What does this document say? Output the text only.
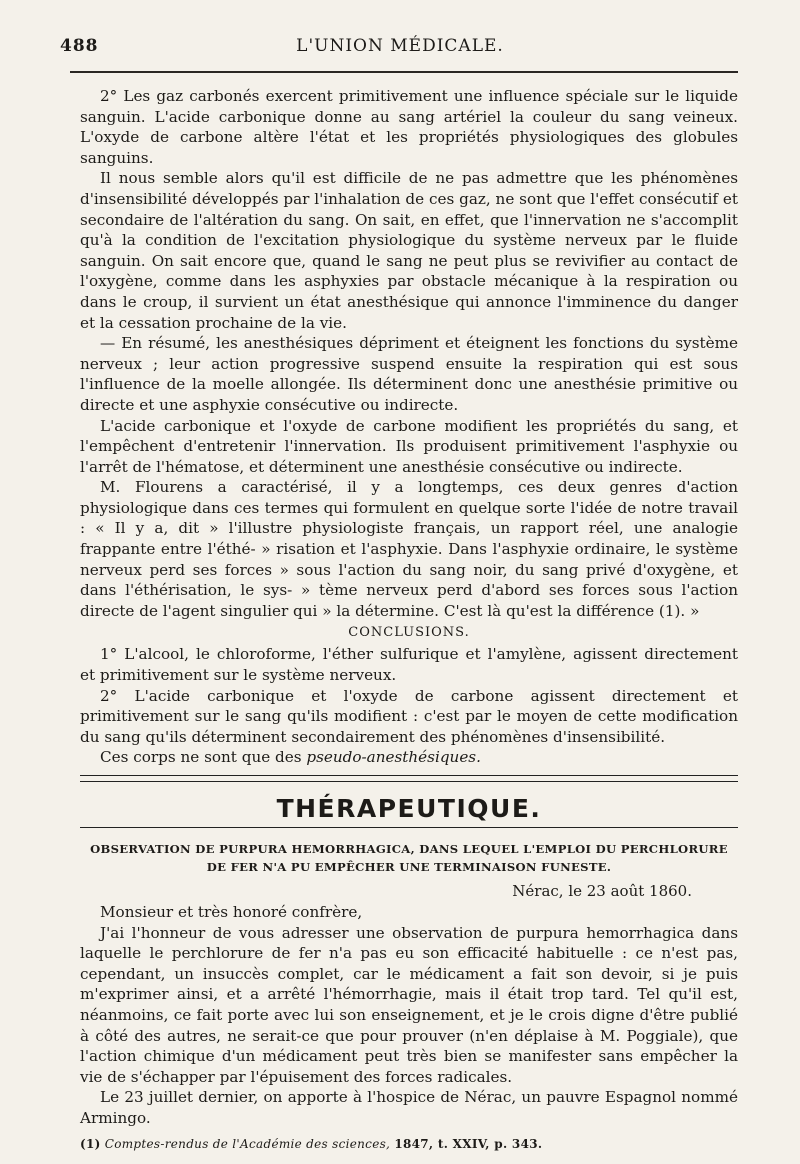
488	L'UNION MÉDICALE.

2° Les gaz carbonés exercent primitivement une influence spéciale sur le liquide sanguin. L'acide carbonique donne au sang artériel la couleur du sang veineux. L'oxyde de carbone altère l'état et les propriétés physiologiques des globules sanguins.

Il nous semble alors qu'il est difficile de ne pas admettre que les phénomènes d'insensibilité développés par l'inhalation de ces gaz, ne sont que l'effet consécutif et secondaire de l'altération du sang. On sait, en effet, que l'innervation ne s'accomplit qu'à la condition de l'excitation physiologique du système nerveux par le fluide sanguin. On sait encore que, quand le sang ne peut plus se revivifier au contact de l'oxygène, comme dans les asphyxies par obstacle mécanique à la respiration ou dans le croup, il survient un état anesthésique qui annonce l'imminence du danger et la cessation prochaine de la vie.

— En résumé, les anesthésiques dépriment et éteignent les fonctions du système nerveux ; leur action progressive suspend ensuite la respiration qui est sous l'influence de la moelle allongée. Ils déterminent donc une anesthésie primitive ou directe et une asphyxie consécutive ou indirecte.

L'acide carbonique et l'oxyde de carbone modifient les propriétés du sang, et l'empêchent d'entretenir l'innervation. Ils produisent primitivement l'asphyxie ou l'arrêt de l'hématose, et déterminent une anesthésie consécutive ou indirecte.

M. Flourens a caractérisé, il y a longtemps, ces deux genres d'action physiologique dans ces termes qui formulent en quelque sorte l'idée de notre travail : « Il y a, dit » l'illustre physiologiste français, un rapport réel, une analogie frappante entre l'éthé- » risation et l'asphyxie. Dans l'asphyxie ordinaire, le système nerveux perd ses forces » sous l'action du sang noir, du sang privé d'oxygène, et dans l'éthérisation, le sys- » tème nerveux perd d'abord ses forces sous l'action directe de l'agent singulier qui » la détermine. C'est là qu'est la différence (1). »

CONCLUSIONS.

1° L'alcool, le chloroforme, l'éther sulfurique et l'amylène, agissent directement et primitivement sur le système nerveux.

2° L'acide carbonique et l'oxyde de carbone agissent directement et primitivement sur le sang qu'ils modifient : c'est par le moyen de cette modification du sang qu'ils déterminent secondairement des phénomènes d'insensibilité.

Ces corps ne sont que des pseudo-anesthésiques.

THÉRAPEUTIQUE.
OBSERVATION DE PURPURA HEMORRHAGICA, DANS LEQUEL L'EMPLOI DU PERCHLORURE DE FER N'A PU EMPÊCHER UNE TERMINAISON FUNESTE.
Nérac, le 23 août 1860.

Monsieur et très honoré confrère,

J'ai l'honneur de vous adresser une observation de purpura hemorrhagica dans laquelle le perchlorure de fer n'a pas eu son efficacité habituelle : ce n'est pas, cependant, un insuccès complet, car le médicament a fait son devoir, si je puis m'exprimer ainsi, et a arrêté l'hémorrhagie, mais il était trop tard. Tel qu'il est, néanmoins, ce fait porte avec lui son enseignement, et je le crois digne d'être publié à côté des autres, ne serait-ce que pour prouver (n'en déplaise à M. Poggiale), que l'action chimique d'un médicament peut très bien se manifester sans empêcher la vie de s'échapper par l'épuisement des forces radicales.

Le 23 juillet dernier, on apporte à l'hospice de Nérac, un pauvre Espagnol nommé Armingo.

(1) Comptes-rendus de l'Académie des sciences, 1847, t. XXIV, p. 343.
